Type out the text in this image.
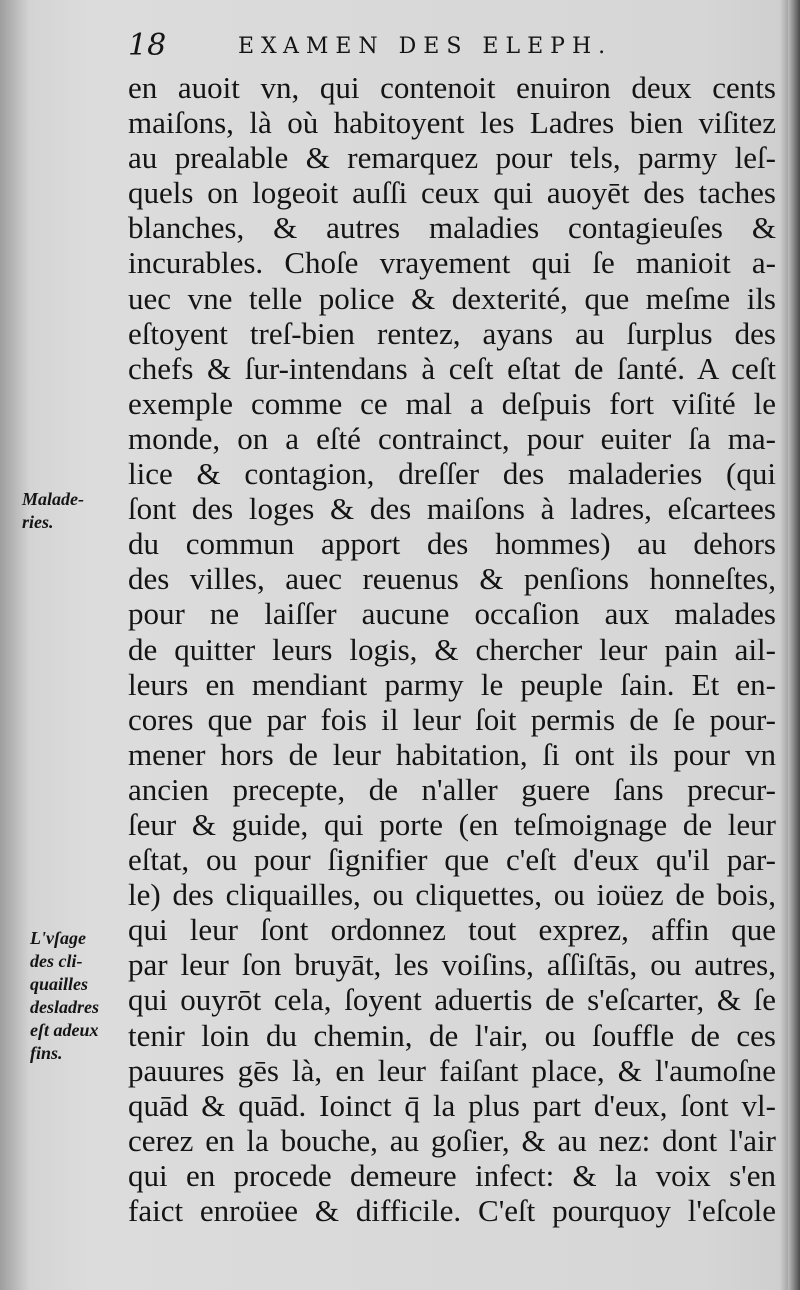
18	EXAMEN DES ELEPH.
en auoit vn, qui contenoit enuiron deux cents
maiſons, là où habitoyent les Ladres bien viſitez
au prealable & remarquez pour tels, parmy leſ-
quels on logeoit auſſi ceux qui auoyēt des taches
blanches, & autres maladies contagieuſes &
incurables. Choſe vrayement qui ſe manioit a-
uec vne telle police & dexterité, que meſme ils
eſtoyent treſ-bien rentez, ayans au ſurplus des
chefs & ſur-intendans à ceſt eſtat de ſanté. A ceſt
exemple comme ce mal a deſpuis fort viſité le
monde, on a eſté contrainct, pour euiter ſa ma-
lice & contagion, dreſſer des maladeries (qui
ſont des loges & des maiſons à ladres, eſcartees
du commun apport des hommes) au dehors
des villes, auec reuenus & penſions honneſtes,
pour ne laiſſer aucune occaſion aux malades
de quitter leurs logis, & chercher leur pain ail-
leurs en mendiant parmy le peuple ſain. Et en-
cores que par fois il leur ſoit permis de ſe pour-
mener hors de leur habitation, ſi ont ils pour vn
ancien precepte, de n'aller guere ſans precur-
ſeur & guide, qui porte (en teſmoignage de leur
eſtat, ou pour ſignifier que c'eſt d'eux qu'il par-
le) des cliquailles, ou cliquettes, ou ioüez de bois,
qui leur ſont ordonnez tout exprez, affin que
par leur ſon bruyāt, les voiſins, aſſiſtās, ou autres,
qui ouyrōt cela, ſoyent aduertis de s'eſcarter, & ſe
tenir loin du chemin, de l'air, ou ſouffle de ces
pauures gēs là, en leur faiſant place, & l'aumoſne
quād & quād. Ioinct q̄ la plus part d'eux, ſont vl-
cerez en la bouche, au goſier, & au nez: dont l'air
qui en procede demeure infect: & la voix s'en
faict enroüee & difficile. C'eſt pourquoy l'eſcole
Malade-
ries.
L'vſage
des cli-
quailles
desladres
eſt adeux
fins.
